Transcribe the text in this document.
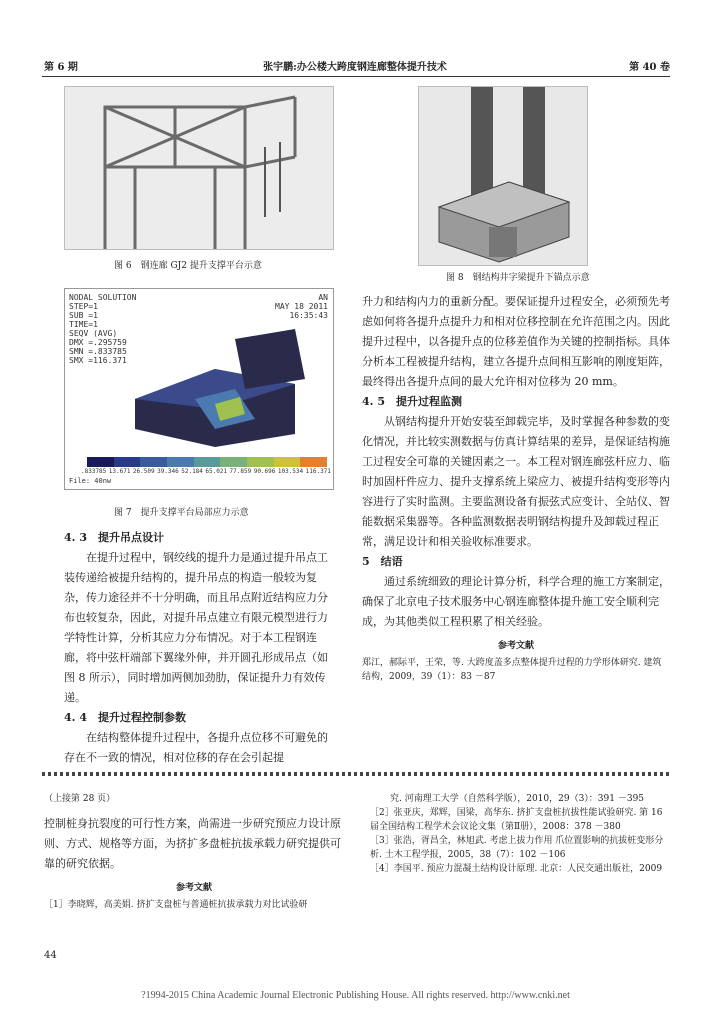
第 6 期	张宇鹏:办公楼大跨度钢连廊整体提升技术	第 40 卷
图 6　钢连廊 GJ2 提升支撑平台示意
图 8　钢结构井字梁提升下锚点示意
NODAL SOLUTION
STEP=1
SUB =1
TIME=1
SEQV (AVG)
DMX =.295759
SMN =.833785
SMX =116.371
AN
MAY 18 2011
16:35:43
.833785 13.671 26.509 39.346 52.184 65.021 77.859 90.696 103.534 116.371
File: 40nw
图 7　提升支撑平台局部应力示意
4. 3　提升吊点设计
在提升过程中，钢绞线的提升力是通过提升吊点工装传递给被提升结构的，提升吊点的构造一般较为复杂，传力途径并不十分明确，而且吊点附近结构应力分布也较复杂，因此，对提升吊点建立有限元模型进行力学特性计算，分析其应力分布情况。对于本工程钢连廊，将中弦杆端部下翼缘外伸，并开圆孔形成吊点（如图 8 所示），同时增加两侧加劲肋，保证提升力有效传递。
4. 4　提升过程控制参数
在结构整体提升过程中，各提升点位移不可避免的存在不一致的情况，相对位移的存在会引起提
升力和结构内力的重新分配。要保证提升过程安全，必须预先考虑如何将各提升点提升力和相对位移控制在允许范围之内。因此提升过程中，以各提升点的位移差值作为关键的控制指标。具体分析本工程被提升结构，建立各提升点间相互影响的刚度矩阵，最终得出各提升点间的最大允许相对位移为 20 mm。
4. 5　提升过程监测
从钢结构提升开始安装至卸载完毕，及时掌握各种参数的变化情况，并比较实测数据与仿真计算结果的差异，是保证结构施工过程安全可靠的关键因素之一。本工程对钢连廊弦杆应力、临时加固杆件应力、提升支撑系统上梁应力、被提升结构变形等内容进行了实时监测。主要监测设备有振弦式应变计、全站仪、智能数据采集器等。各种监测数据表明钢结构提升及卸载过程正常，满足设计和相关验收标准要求。
5　结语
通过系统细致的理论计算分析，科学合理的施工方案制定，确保了北京电子技术服务中心钢连廊整体提升施工安全顺利完成，为其他类似工程积累了相关经验。
参考文献
郑江，郝际平，王荣，等. 大跨度盖多点整体提升过程的力学形体研究. 建筑结构，2009，39（1）：83 －87
（上接第 28 页）
控制桩身抗裂度的可行性方案，尚需进一步研究预应力设计原则、方式、规格等方面，为挤扩多盘桩抗拔承载力研究提供可靠的研究依据。
参考文献
［1］李晓辉，高美娟. 挤扩支盘桩与普通桩抗拔承载力对比试验研
究. 河南理工大学（自然科学版），2010，29（3）：391 －395
［2］张亚庆，郑辉，国梁，高华东. 挤扩支盘桩抗拔性能试验研究. 第 16 届全国结构工程学术会议论文集（第Ⅱ册），2008：378 －380
［3］张浩，胥昌全，林旭武. 考虑上拔力作用 爪位置影响的抗拔桩变形分析. 土木工程学报，2005，38（7）：102 －106
［4］李国平. 预应力混凝土结构设计原理. 北京：人民交通出版社，2009
44
?1994-2015 China Academic Journal Electronic Publishing House. All rights reserved. http://www.cnki.net
